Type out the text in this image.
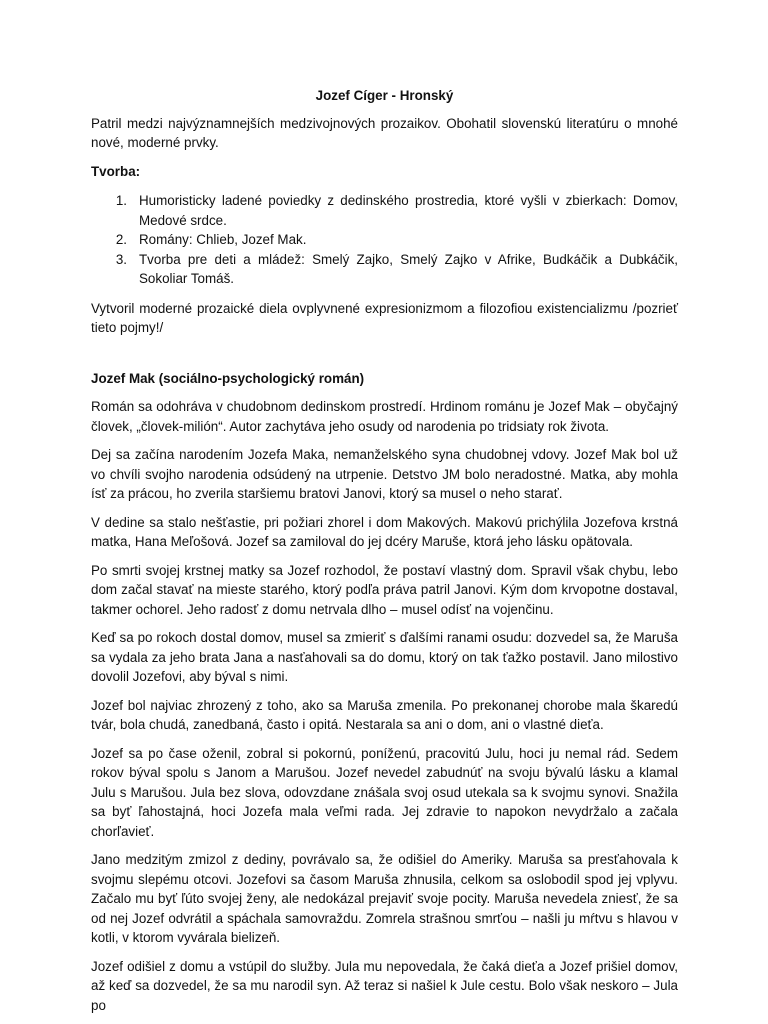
Jozef Cíger - Hronský
Patril medzi najvýznamnejších medzivojnových prozaikov. Obohatil slovenskú literatúru o mnohé nové, moderné prvky.
Tvorba:
1. Humoristicky ladené poviedky z dedinského prostredia, ktoré vyšli v zbierkach: Domov, Medové srdce.
2. Romány: Chlieb, Jozef Mak.
3. Tvorba pre deti a mládež: Smelý Zajko, Smelý Zajko v Afrike, Budkáčik a Dubkáčik, Sokoliar Tomáš.
Vytvoril moderné prozaické diela ovplyvnené expresionizmom a filozofiou existencializmu /pozrieť tieto pojmy!/
Jozef Mak (sociálno-psychologický román)
Román sa odohráva v chudobnom dedinskom prostredí. Hrdinom románu je Jozef Mak – obyčajný človek, „človek-milión“. Autor zachytáva jeho osudy od narodenia po tridsiaty rok života.
Dej sa začína narodením Jozefa Maka, nemanželského syna chudobnej vdovy. Jozef Mak bol už vo chvíli svojho narodenia odsúdený na utrpenie. Detstvo JM bolo neradostné. Matka, aby mohla ísť za prácou, ho zverila staršiemu bratovi Janovi, ktorý sa musel o neho starať.
V dedine sa stalo nešťastie, pri požiari zhorel i dom Makových. Makovú prichýlila Jozefova krstná matka, Hana Meľošová. Jozef sa zamiloval do jej dcéry Maruše, ktorá jeho lásku opätovala.
Po smrti svojej krstnej matky sa Jozef rozhodol, že postaví vlastný dom. Spravil však chybu, lebo dom začal stavať na mieste starého, ktorý podľa práva patril Janovi. Kým dom krvopotne dostaval, takmer ochorel. Jeho radosť z domu netrvala dlho – musel odísť na vojenčinu.
Keď sa po rokoch dostal domov, musel sa zmieriť s ďalšími ranami osudu: dozvedel sa, že Maruša sa vydala za jeho brata Jana a nasťahovali sa do domu, ktorý on tak ťažko postavil. Jano milostivo dovolil Jozefovi, aby býval s nimi.
Jozef bol najviac zhrozený z toho, ako sa Maruša zmenila. Po prekonanej chorobe mala škaredú tvár, bola chudá, zanedbaná, často i opitá. Nestarala sa ani o dom, ani o vlastné dieťa.
Jozef sa po čase oženil, zobral si pokornú, poníženú, pracovitú Julu, hoci ju nemal rád. Sedem rokov býval spolu s Janom a Marušou. Jozef nevedel zabudnúť na svoju bývalú lásku a klamal Julu s Marušou. Jula bez slova, odovzdane znášala svoj osud utekala sa k svojmu synovi. Snažila sa byť ľahostajná, hoci Jozefa mala veľmi rada. Jej zdravie to napokon nevydržalo a začala chorľavieť.
Jano medzitým zmizol z dediny, povrávalo sa, že odišiel do Ameriky. Maruša sa presťahovala k svojmu slepému otcovi. Jozefovi sa časom Maruša zhnusila, celkom sa oslobodil spod jej vplyvu. Začalo mu byť ľúto svojej ženy, ale nedokázal prejaviť svoje pocity. Maruša nevedela zniesť, že sa od nej Jozef odvrátil a spáchala samovraždu. Zomrela strašnou smrťou – našli ju mŕtvu s hlavou v kotli, v ktorom vyvárala bielizeň.
Jozef odišiel z domu a vstúpil do služby. Jula mu nepovedala, že čaká dieťa a Jozef prišiel domov, až keď sa dozvedel, že sa mu narodil syn. Až teraz si našiel k Jule cestu. Bolo však neskoro – Jula po
